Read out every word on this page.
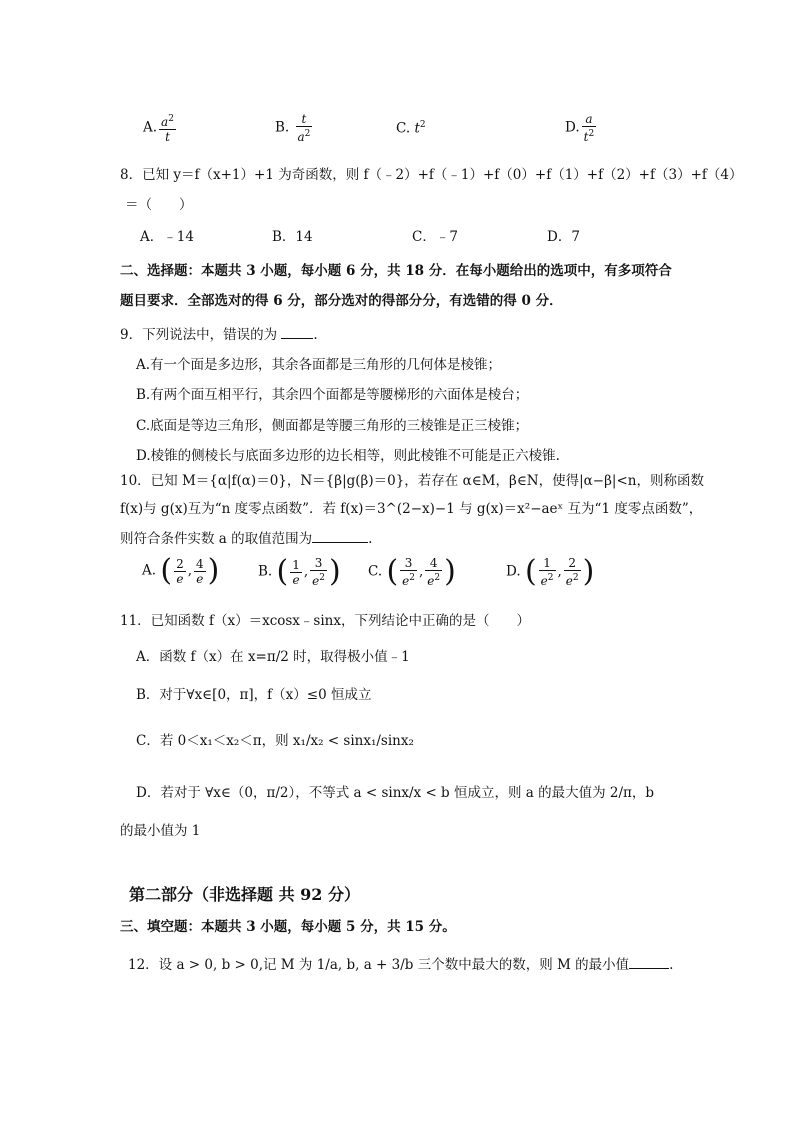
A. $\frac{a^2}{t}$	B. $\frac{t}{a^2}$	C. $t^2$	D. $\frac{a}{t^2}$
8．已知 y＝f（x+1）+1 为奇函数，则 f（﹣2）+f（﹣1）+f（0）+f（1）+f（2）+f（3）+f（4）
＝（　　）
A．﹣14	B．14	C．﹣7	D．7
二、选择题：本题共 3 小题，每小题 6 分，共 18 分．在每小题给出的选项中，有多项符合
题目要求．全部选对的得 6 分，部分选对的得部分分，有选错的得 0 分．
9．下列说法中，错误的为	.
A.有一个面是多边形，其余各面都是三角形的几何体是棱锥；
B.有两个面互相平行，其余四个面都是等腰梯形的六面体是棱台；
C.底面是等边三角形，侧面都是等腰三角形的三棱锥是正三棱锥；
D.棱锥的侧棱长与底面多边形的边长相等，则此棱锥不可能是正六棱锥.
10．已知 M＝{α|f(α)＝0}，N＝{β|g(β)＝0}，若存在 α∈M，β∈N，使得|α−β|<n，则称函数
f(x)与 g(x)互为“n 度零点函数”．若 f(x)＝3^(2−x)−1 与 g(x)＝x²−aeˣ 互为“1 度零点函数”，
则符合条件实数 a 的取值范围为	.
A. ( $\frac{2}{e}$ , $\frac{4}{e}$ )	B. ( $\frac{1}{e}$ , $\frac{3}{e^2}$ ) C. ( $\frac{3}{e^2}$ , $\frac{4}{e^2}$ )	D. ( $\frac{1}{e^2}$ , $\frac{2}{e^2}$ )
11．已知函数 f（x）＝xcosx﹣sinx，下列结论中正确的是（　　）
A．函数 f（x）在 x=π/2 时，取得极小值﹣1
B．对于∀x∈[0，π]，f（x）≤0 恒成立
C．若 0＜x₁＜x₂＜π，则 x₁/x₂ < sinx₁/sinx₂
D．若对于 ∀x∈（0，π/2），不等式 a < sinx/x < b 恒成立，则 a 的最大值为 2/π，b
的最小值为 1
第二部分（非选择题 共 92 分）
三、填空题：本题共 3 小题，每小题 5 分，共 15 分。
12．设 a > 0, b > 0,记 M 为 1/a, b, a + 3/b 三个数中最大的数，则 M 的最小值	.
